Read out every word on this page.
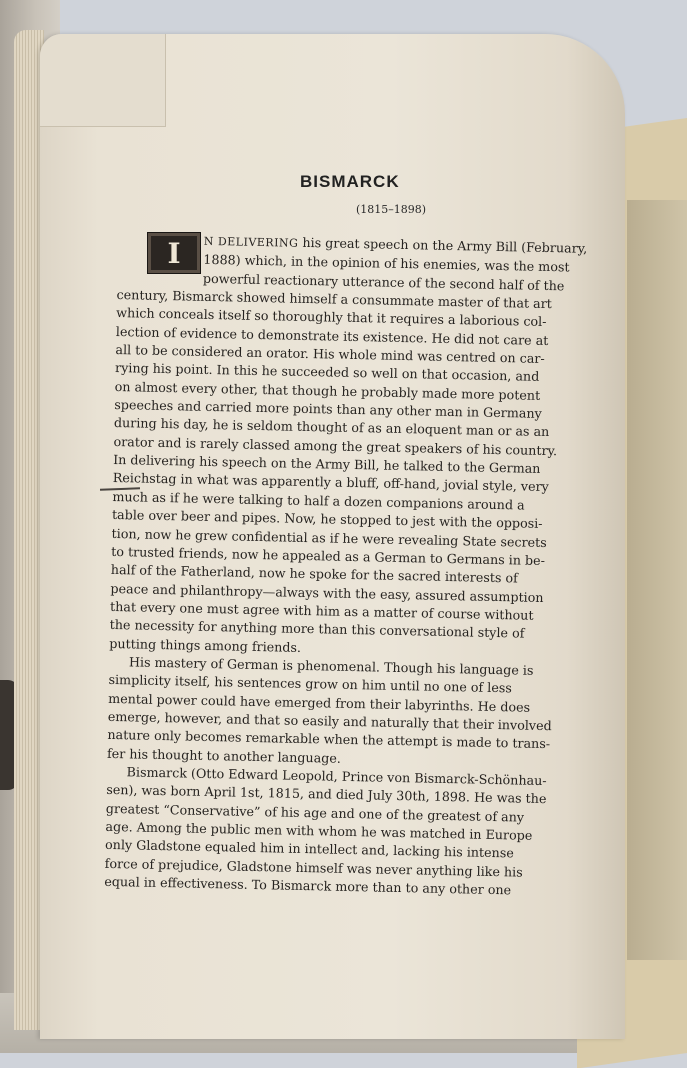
BISMARCK

(1815–1898)

I	N DELIVERING his great speech on the Army Bill (February,
1888) which, in the opinion of his enemies, was the most
powerful reactionary utterance of the second half of the
century, Bismarck showed himself a consummate master of that art
which conceals itself so thoroughly that it requires a laborious col-
lection of evidence to demonstrate its existence. He did not care at
all to be considered an orator. His whole mind was centred on car-
rying his point. In this he succeeded so well on that occasion, and
on almost every other, that though he probably made more potent
speeches and carried more points than any other man in Germany
during his day, he is seldom thought of as an eloquent man or as an
orator and is rarely classed among the great speakers of his country.
In delivering his speech on the Army Bill, he talked to the German
Reichstag in what was apparently a bluff, off-hand, jovial style, very
much as if he were talking to half a dozen companions around a
table over beer and pipes. Now, he stopped to jest with the opposi-
tion, now he grew confidential as if he were revealing State secrets
to trusted friends, now he appealed as a German to Germans in be-
half of the Fatherland, now he spoke for the sacred interests of
peace and philanthropy—always with the easy, assured assumption
that every one must agree with him as a matter of course without
the necessity for anything more than this conversational style of
putting things among friends.

His mastery of German is phenomenal. Though his language is
simplicity itself, his sentences grow on him until no one of less
mental power could have emerged from their labyrinths. He does
emerge, however, and that so easily and naturally that their involved
nature only becomes remarkable when the attempt is made to trans-
fer his thought to another language.

Bismarck (Otto Edward Leopold, Prince von Bismarck-Schönhau-
sen), was born April 1st, 1815, and died July 30th, 1898. He was the
greatest “Conservative” of his age and one of the greatest of any
age. Among the public men with whom he was matched in Europe
only Gladstone equaled him in intellect and, lacking his intense
force of prejudice, Gladstone himself was never anything like his
equal in effectiveness. To Bismarck more than to any other one
